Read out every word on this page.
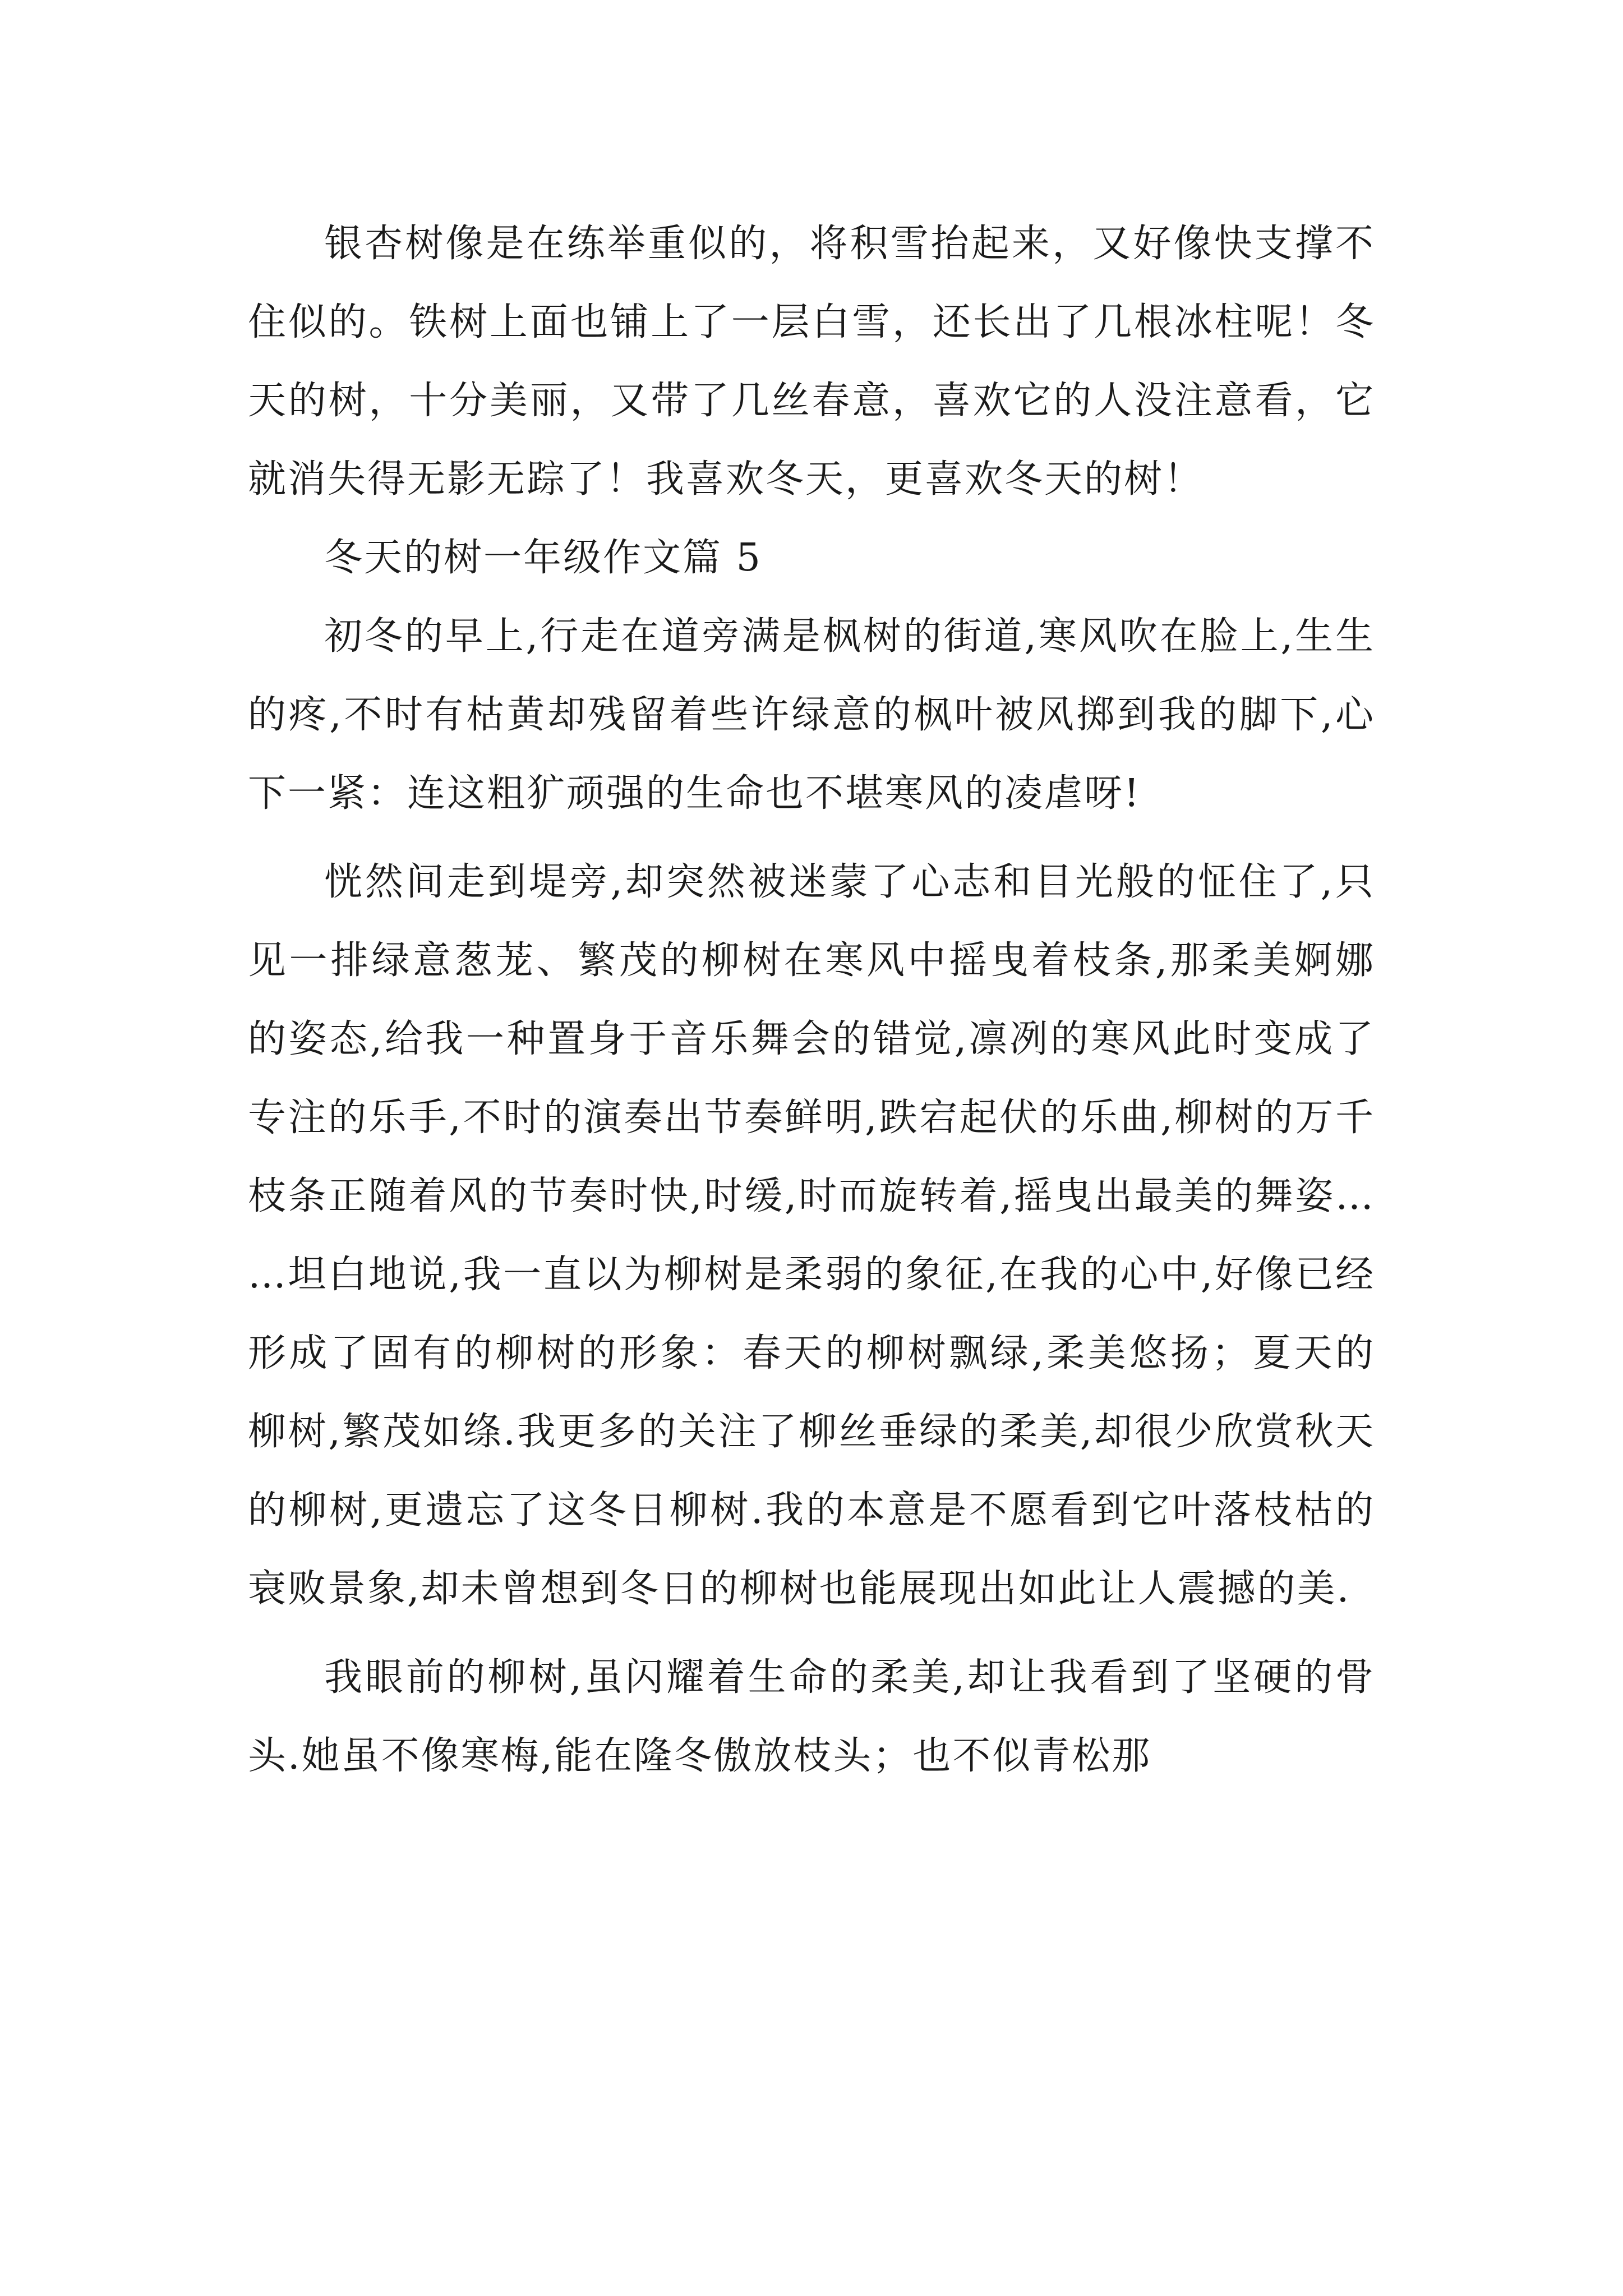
银杏树像是在练举重似的，将积雪抬起来，又好像快支撑不住似的。铁树上面也铺上了一层白雪，还长出了几根冰柱呢！冬天的树，十分美丽，又带了几丝春意，喜欢它的人没注意看，它就消失得无影无踪了！我喜欢冬天，更喜欢冬天的树！

冬天的树一年级作文篇 5

初冬的早上,行走在道旁满是枫树的街道,寒风吹在脸上,生生的疼,不时有枯黄却残留着些许绿意的枫叶被风掷到我的脚下,心下一紧：连这粗犷顽强的生命也不堪寒风的凌虐呀!

恍然间走到堤旁,却突然被迷蒙了心志和目光般的怔住了,只见一排绿意葱茏、繁茂的柳树在寒风中摇曳着枝条,那柔美婀娜的姿态,给我一种置身于音乐舞会的错觉,凛冽的寒风此时变成了专注的乐手,不时的演奏出节奏鲜明,跌宕起伏的乐曲,柳树的万千枝条正随着风的节奏时快,时缓,时而旋转着,摇曳出最美的舞姿……坦白地说,我一直以为柳树是柔弱的象征,在我的心中,好像已经形成了固有的柳树的形象：春天的柳树飘绿,柔美悠扬；夏天的柳树,繁茂如绦.我更多的关注了柳丝垂绿的柔美,却很少欣赏秋天的柳树,更遗忘了这冬日柳树.我的本意是不愿看到它叶落枝枯的衰败景象,却未曾想到冬日的柳树也能展现出如此让人震撼的美.

我眼前的柳树,虽闪耀着生命的柔美,却让我看到了坚硬的骨头.她虽不像寒梅,能在隆冬傲放枝头；也不似青松那
